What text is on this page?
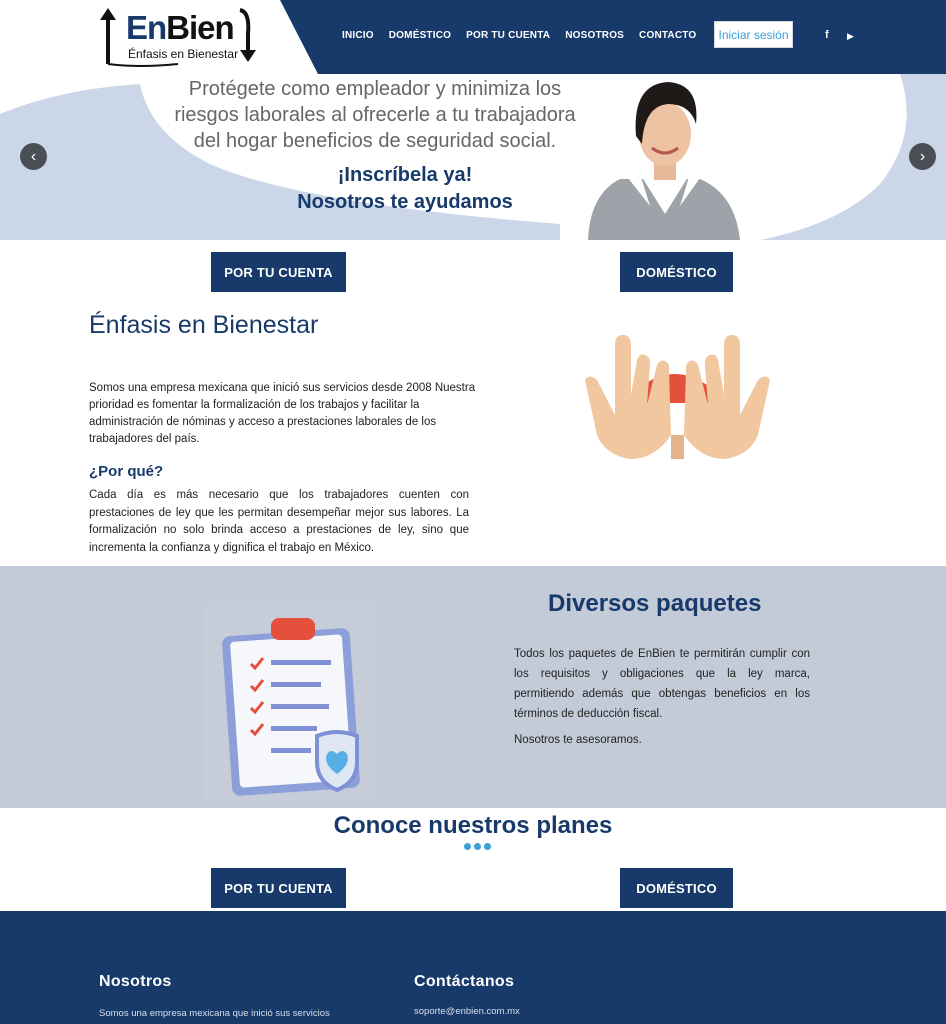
EnBien
Énfasis en Bienestar
INICIO DOMÉSTICO POR TU CUENTA NOSOTROS CONTACTO	Iniciar sesión	f ▶
Protégete como empleador y minimiza los riesgos laborales al ofrecerle a tu trabajadora del hogar beneficios de seguridad social.
¡Inscríbela ya!
Nosotros te ayudamos
‹	›
POR TU CUENTA	DOMÉSTICO
Énfasis en Bienestar

Somos una empresa mexicana que inició sus servicios desde 2008 Nuestra prioridad es fomentar la formalización de los trabajos y facilitar la administración de nóminas y acceso a prestaciones laborales de los trabajadores del país.

¿Por qué?

Cada día es más necesario que los trabajadores cuenten con prestaciones de ley que les permitan desempeñar mejor sus labores. La formalización no solo brinda acceso a prestaciones de ley, sino que incrementa la confianza y dignifica el trabajo en México.

Diversos paquetes

Todos los paquetes de EnBien te permitirán cumplir con los requisitos y obligaciones que la ley marca, permitiendo además que obtengas beneficios en los términos de deducción fiscal.

Nosotros te asesoramos.

Conoce nuestros planes
POR TU CUENTA	DOMÉSTICO
Nosotros
Somos una empresa mexicana que inició sus servicios
Contáctanos
soporte@enbien.com.mx
